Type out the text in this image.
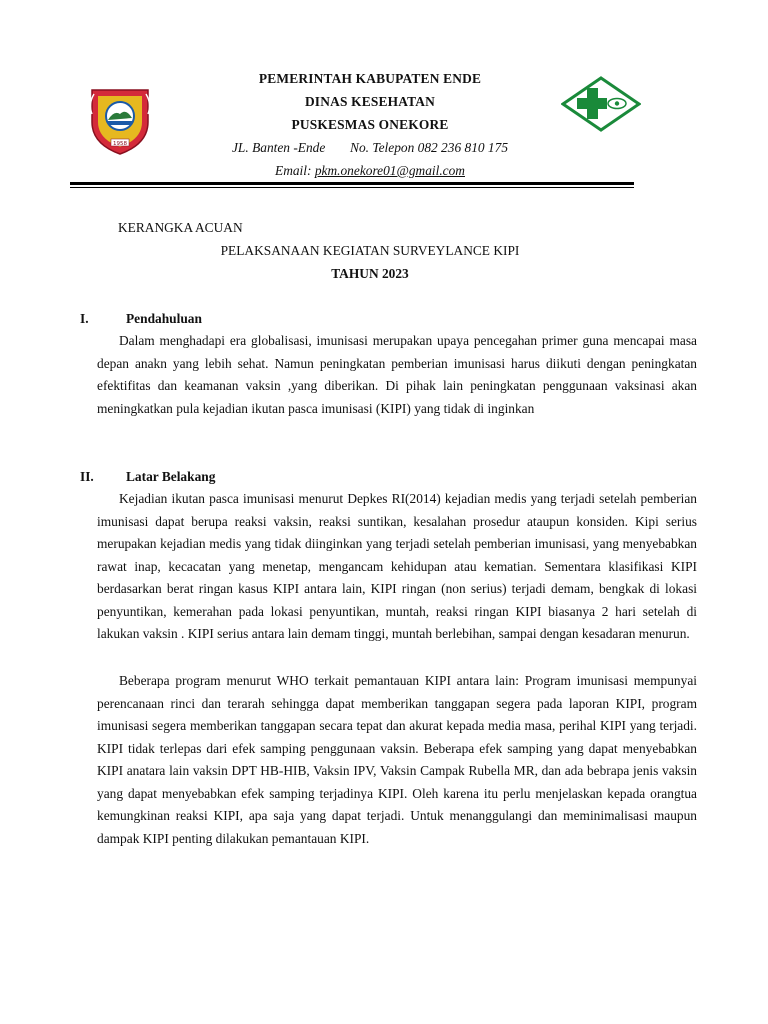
1958
PEMERINTAH KABUPATEN ENDE
DINAS KESEHATAN
PUSKESMAS ONEKORE
JL. Banten -Ende No. Telepon 082 236 810 175
Email: pkm.onekore01@gmail.com
KERANGKA ACUAN
PELAKSANAAN KEGIATAN SURVEYLANCE KIPI
TAHUN 2023
I.	Pendahuluan

Dalam menghadapi era globalisasi, imunisasi merupakan upaya pencegahan primer guna mencapai masa depan anakn yang lebih sehat. Namun peningkatan pemberian imunisasi harus diikuti dengan peningkatan efektifitas dan keamanan vaksin ,yang diberikan. Di pihak lain peningkatan penggunaan vaksinasi akan meningkatkan pula kejadian ikutan pasca imunisasi (KIPI) yang tidak di inginkan

II. Latar Belakang

Kejadian ikutan pasca imunisasi menurut Depkes RI(2014) kejadian medis yang terjadi setelah pemberian imunisasi dapat berupa reaksi vaksin, reaksi suntikan, kesalahan prosedur ataupun konsiden. Kipi serius merupakan kejadian medis yang tidak diinginkan yang terjadi setelah pemberian imunisasi, yang menyebabkan rawat inap, kecacatan yang menetap, mengancam kehidupan atau kematian. Sementara klasifikasi KIPI berdasarkan berat ringan kasus KIPI antara lain, KIPI ringan (non serius) terjadi demam, bengkak di lokasi penyuntikan, kemerahan pada lokasi penyuntikan, muntah, reaksi ringan KIPI biasanya 2 hari setelah di lakukan vaksin . KIPI serius antara lain demam tinggi, muntah berlebihan, sampai dengan kesadaran menurun.

Beberapa program menurut WHO terkait pemantauan KIPI antara lain: Program imunisasi mempunyai perencanaan rinci dan terarah sehingga dapat memberikan tanggapan segera pada laporan KIPI, program imunisasi segera memberikan tanggapan secara tepat dan akurat kepada media masa, perihal KIPI yang terjadi. KIPI tidak terlepas dari efek samping penggunaan vaksin. Beberapa efek samping yang dapat menyebabkan KIPI anatara lain vaksin DPT HB-HIB, Vaksin IPV, Vaksin Campak Rubella MR, dan ada bebrapa jenis vaksin yang dapat menyebabkan efek samping terjadinya KIPI. Oleh karena itu perlu menjelaskan kepada orangtua kemungkinan reaksi KIPI, apa saja yang dapat terjadi. Untuk menanggulangi dan meminimalisasi maupun dampak KIPI penting dilakukan pemantauan KIPI.
